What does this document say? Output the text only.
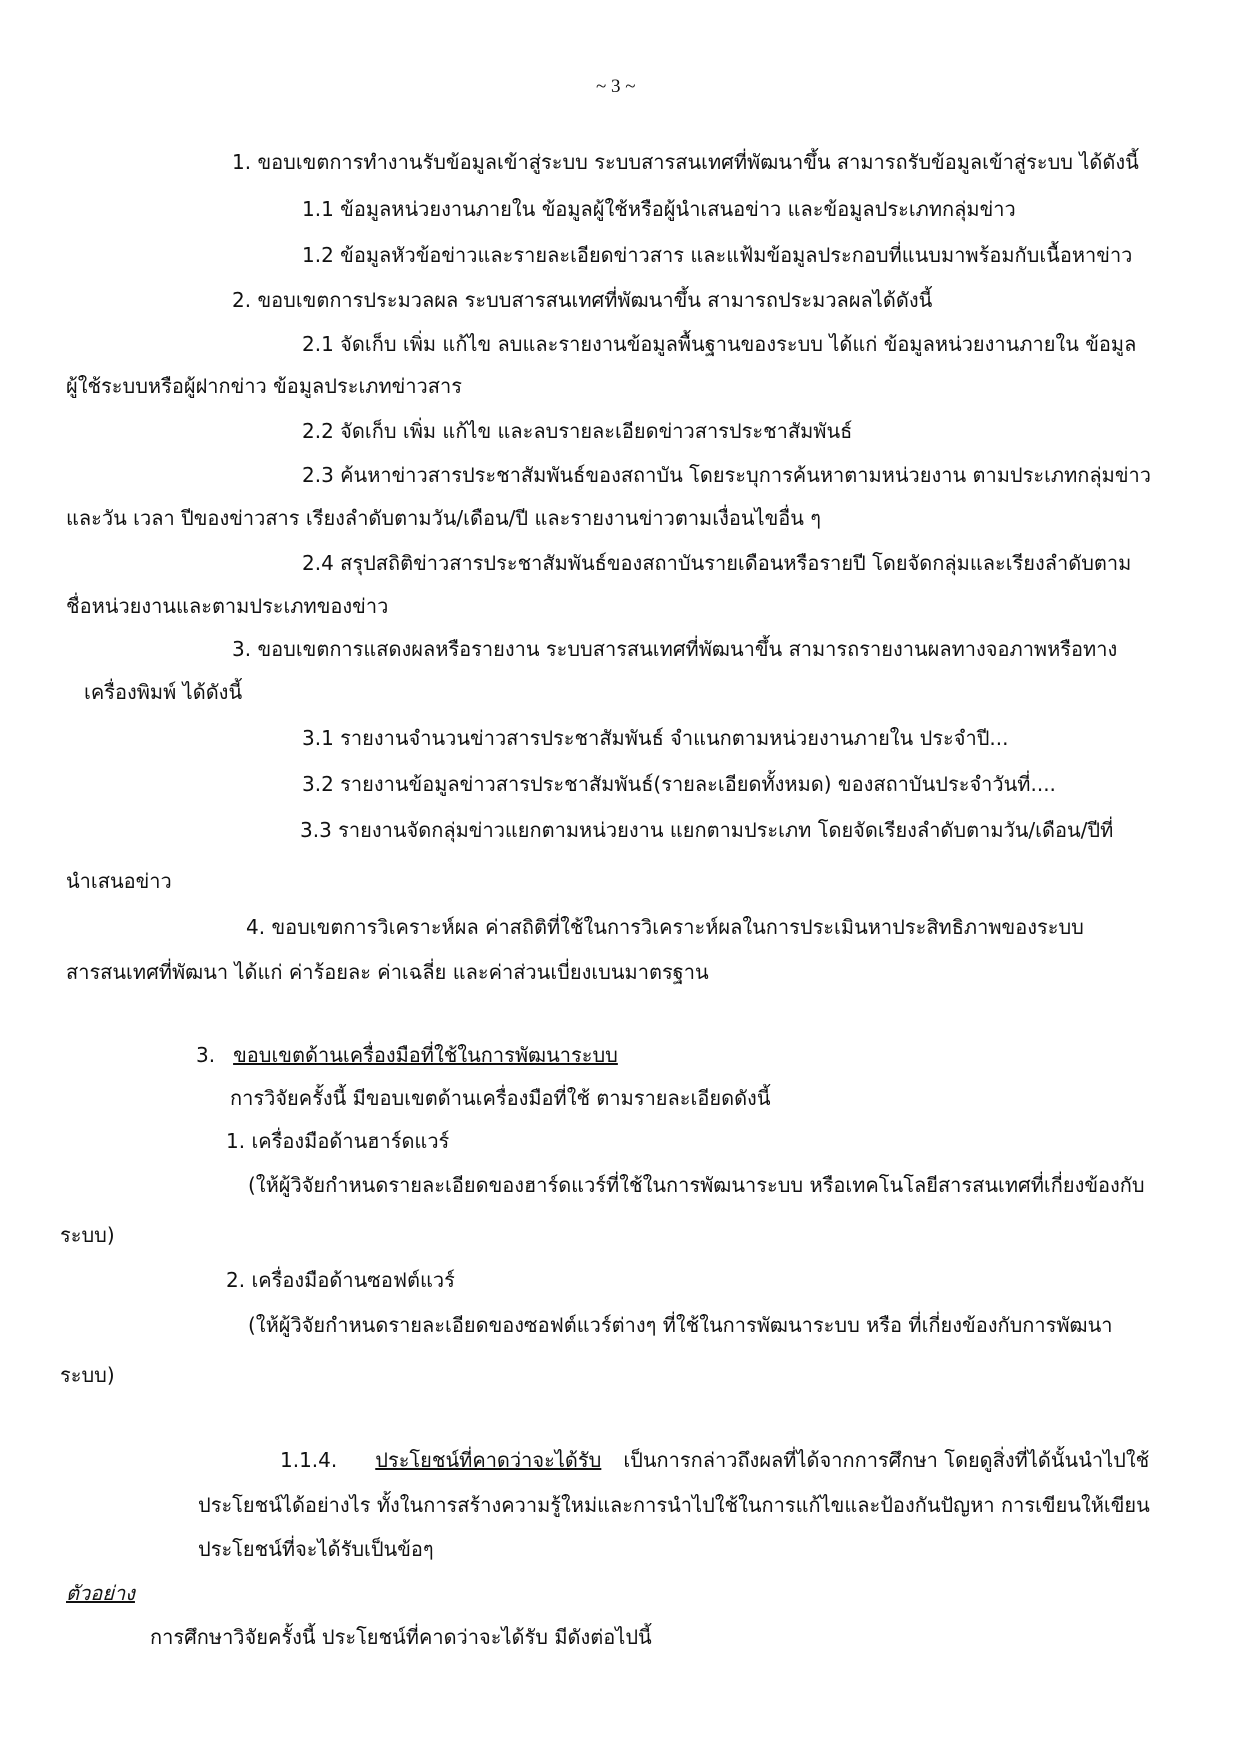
~ 3 ~

1. ขอบเขตการทำงานรับข้อมูลเข้าสู่ระบบ ระบบสารสนเทศที่พัฒนาขึ้น สามารถรับข้อมูลเข้าสู่ระบบ ได้ดังนี้

1.1 ข้อมูลหน่วยงานภายใน ข้อมูลผู้ใช้หรือผู้นำเสนอข่าว และข้อมูลประเภทกลุ่มข่าว

1.2 ข้อมูลหัวข้อข่าวและรายละเอียดข่าวสาร และแฟ้มข้อมูลประกอบที่แนบมาพร้อมกับเนื้อหาข่าว

2. ขอบเขตการประมวลผล ระบบสารสนเทศที่พัฒนาขึ้น สามารถประมวลผลได้ดังนี้

2.1 จัดเก็บ เพิ่ม แก้ไข ลบและรายงานข้อมูลพื้นฐานของระบบ ได้แก่ ข้อมูลหน่วยงานภายใน ข้อมูล

ผู้ใช้ระบบหรือผู้ฝากข่าว ข้อมูลประเภทข่าวสาร

2.2 จัดเก็บ เพิ่ม แก้ไข และลบรายละเอียดข่าวสารประชาสัมพันธ์

2.3 ค้นหาข่าวสารประชาสัมพันธ์ของสถาบัน โดยระบุการค้นหาตามหน่วยงาน ตามประเภทกลุ่มข่าว

และวัน เวลา ปีของข่าวสาร เรียงลำดับตามวัน/เดือน/ปี และรายงานข่าวตามเงื่อนไขอื่น ๆ

2.4 สรุปสถิติข่าวสารประชาสัมพันธ์ของสถาบันรายเดือนหรือรายปี โดยจัดกลุ่มและเรียงลำดับตาม

ชื่อหน่วยงานและตามประเภทของข่าว

3. ขอบเขตการแสดงผลหรือรายงาน ระบบสารสนเทศที่พัฒนาขึ้น สามารถรายงานผลทางจอภาพหรือทาง

เครื่องพิมพ์ ได้ดังนี้

3.1 รายงานจำนวนข่าวสารประชาสัมพันธ์ จำแนกตามหน่วยงานภายใน ประจำปี...

3.2 รายงานข้อมูลข่าวสารประชาสัมพันธ์(รายละเอียดทั้งหมด) ของสถาบันประจำวันที่....

3.3 รายงานจัดกลุ่มข่าวแยกตามหน่วยงาน แยกตามประเภท โดยจัดเรียงลำดับตามวัน/เดือน/ปีที่

นำเสนอข่าว

4. ขอบเขตการวิเคราะห์ผล ค่าสถิติที่ใช้ในการวิเคราะห์ผลในการประเมินหาประสิทธิภาพของระบบ

สารสนเทศที่พัฒนา ได้แก่ ค่าร้อยละ ค่าเฉลี่ย และค่าส่วนเบี่ยงเบนมาตรฐาน

3. ขอบเขตด้านเครื่องมือที่ใช้ในการพัฒนาระบบ

การวิจัยครั้งนี้ มีขอบเขตด้านเครื่องมือที่ใช้ ตามรายละเอียดดังนี้

1. เครื่องมือด้านฮาร์ดแวร์

(ให้ผู้วิจัยกำหนดรายละเอียดของฮาร์ดแวร์ที่ใช้ในการพัฒนาระบบ หรือเทคโนโลยีสารสนเทศที่เกี่ยงข้องกับ

ระบบ)

2. เครื่องมือด้านซอฟต์แวร์

(ให้ผู้วิจัยกำหนดรายละเอียดของซอฟต์แวร์ต่างๆ ที่ใช้ในการพัฒนาระบบ หรือ ที่เกี่ยงข้องกับการพัฒนา

ระบบ)

1.1.4. ประโยชน์ที่คาดว่าจะได้รับ เป็นการกล่าวถึงผลที่ได้จากการศึกษา โดยดูสิ่งที่ได้นั้นนำไปใช้

ประโยชน์ได้อย่างไร ทั้งในการสร้างความรู้ใหม่และการนำไปใช้ในการแก้ไขและป้องกันปัญหา การเขียนให้เขียน

ประโยชน์ที่จะได้รับเป็นข้อๆ

ตัวอย่าง

การศึกษาวิจัยครั้งนี้ ประโยชน์ที่คาดว่าจะได้รับ มีดังต่อไปนี้
